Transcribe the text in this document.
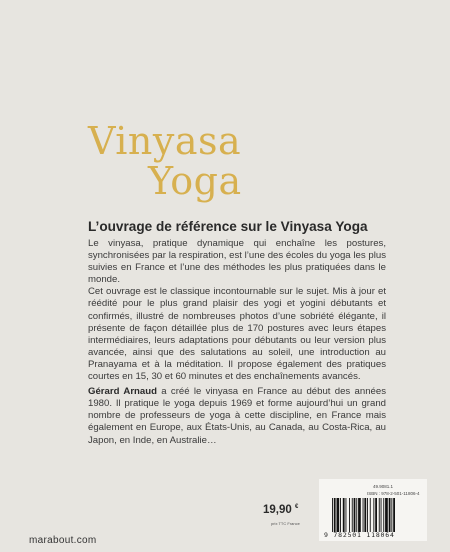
Vinyasa
Yoga
L’ouvrage de référence sur le Vinyasa Yoga

Le vinyasa, pratique dynamique qui enchaîne les postures, synchronisées par la respiration, est l’une des écoles du yoga les plus suivies en France et l’une des méthodes les plus pratiquées dans le monde.

Cet ouvrage est le classique incontournable sur le sujet. Mis à jour et réédité pour le plus grand plaisir des yogi et yogini débutants et confirmés, illustré de nombreuses photos d’une sobriété élégante, il présente de façon détaillée plus de 170 postures avec leurs étapes intermédiaires, leurs adaptations pour débutants ou leur version plus avancée, ainsi que des salutations au soleil, une introduction au Pranayama et à la méditation. Il propose également des pratiques courtes en 15, 30 et 60 minutes et des enchaînements avancés.

Gérard Arnaud a créé le vinyasa en France au début des années 1980. Il pratique le yoga depuis 1969 et forme aujourd’hui un grand nombre de professeurs de yoga à cette discipline, en France mais également en Europe, aux États-Unis, au Canada, au Costa-Rica, au Japon, en Inde, en Australie…

19,90 €
prix TTC France
marabout.com
49.9081.1
ISBN : 978-2-501-11806-4
9 782501 118064
